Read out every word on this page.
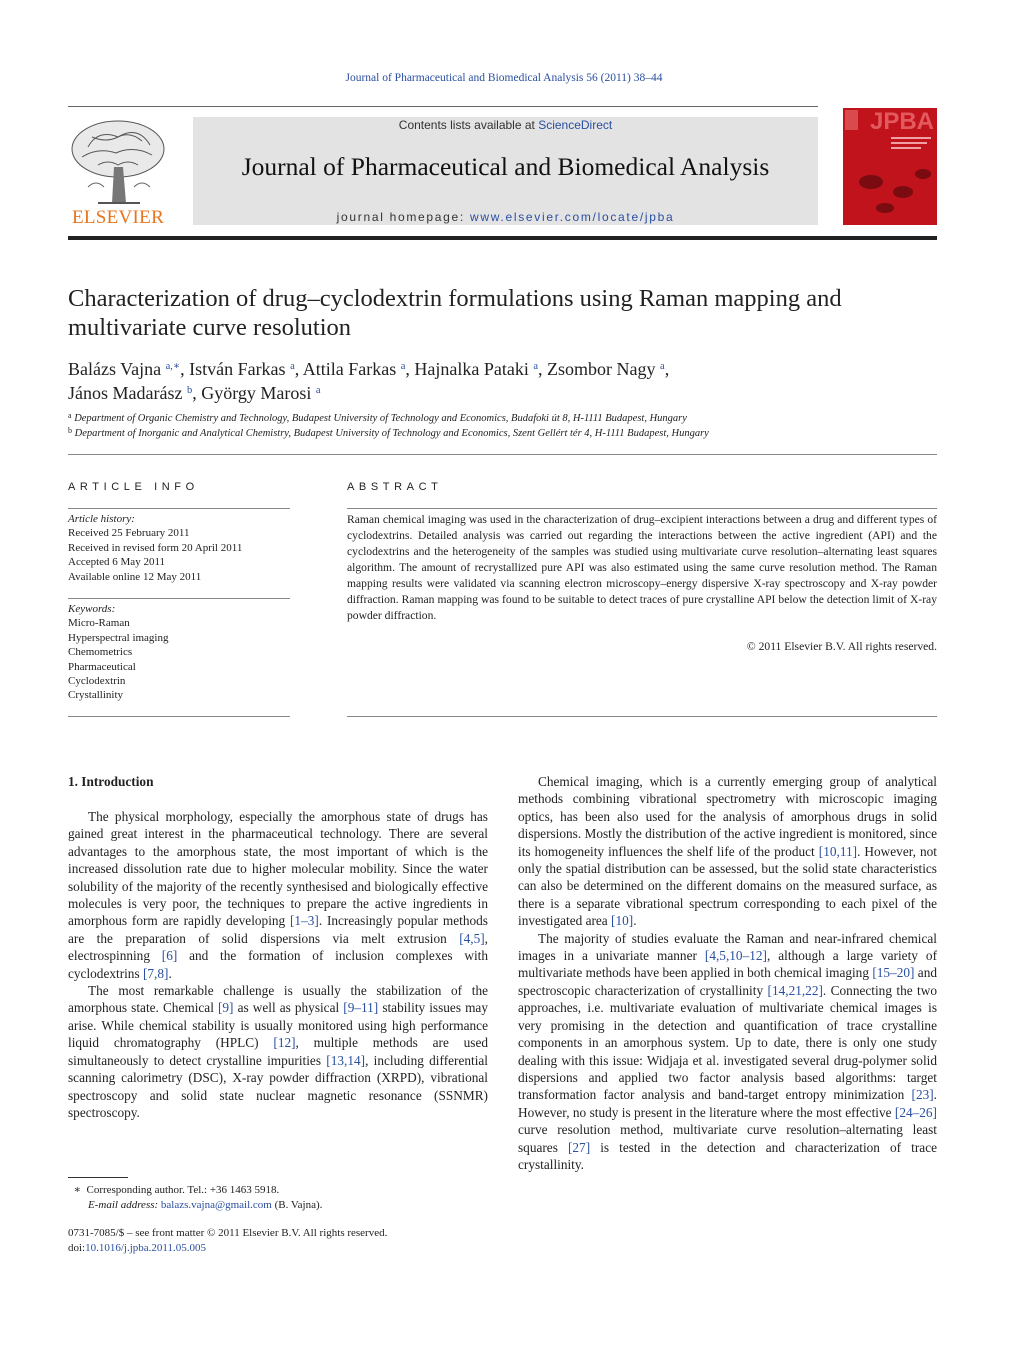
Journal of Pharmaceutical and Biomedical Analysis 56 (2011) 38–44
ELSEVIER
Contents lists available at ScienceDirect
Journal of Pharmaceutical and Biomedical Analysis
journal homepage: www.elsevier.com/locate/jpba
JPBA
Characterization of drug–cyclodextrin formulations using Raman mapping and multivariate curve resolution
Balázs Vajna $^{a,∗}$, István Farkas $^a$, Attila Farkas $^a$, Hajnalka Pataki $^a$, Zsombor Nagy $^a$,
János Madarász $^b$, György Marosi $^a$
$^a$ Department of Organic Chemistry and Technology, Budapest University of Technology and Economics, Budafoki út 8, H-1111 Budapest, Hungary
$^b$ Department of Inorganic and Analytical Chemistry, Budapest University of Technology and Economics, Szent Gellért tér 4, H-1111 Budapest, Hungary
ARTICLE INFO
Article history:
Received 25 February 2011
Received in revised form 20 April 2011
Accepted 6 May 2011
Available online 12 May 2011
Keywords:
Micro-Raman
Hyperspectral imaging
Chemometrics
Pharmaceutical
Cyclodextrin
Crystallinity
ABSTRACT
Raman chemical imaging was used in the characterization of drug–excipient interactions between a drug and different types of cyclodextrins. Detailed analysis was carried out regarding the interactions between the active ingredient (API) and the cyclodextrins and the heterogeneity of the samples was studied using multivariate curve resolution–alternating least squares algorithm. The amount of recrystallized pure API was also estimated using the same curve resolution method. The Raman mapping results were validated via scanning electron microscopy–energy dispersive X-ray spectroscopy and X-ray powder diffraction. Raman mapping was found to be suitable to detect traces of pure crystalline API below the detection limit of X-ray powder diffraction.
© 2011 Elsevier B.V. All rights reserved.
1. Introduction

The physical morphology, especially the amorphous state of drugs has gained great interest in the pharmaceutical technology. There are several advantages to the amorphous state, the most important of which is the increased dissolution rate due to higher molecular mobility. Since the water solubility of the majority of the recently synthesised and biologically effective molecules is very poor, the techniques to prepare the active ingredients in amorphous form are rapidly developing [1–3]. Increasingly popular methods are the preparation of solid dispersions via melt extrusion [4,5], electrospinning [6] and the formation of inclusion complexes with cyclodextrins [7,8].

The most remarkable challenge is usually the stabilization of the amorphous state. Chemical [9] as well as physical [9–11] stability issues may arise. While chemical stability is usually monitored using high performance liquid chromatography (HPLC) [12], multiple methods are used simultaneously to detect crystalline impurities [13,14], including differential scanning calorimetry (DSC), X-ray powder diffraction (XRPD), vibrational spectroscopy and solid state nuclear magnetic resonance (SSNMR) spectroscopy.

Chemical imaging, which is a currently emerging group of analytical methods combining vibrational spectrometry with microscopic imaging optics, has been also used for the analysis of amorphous drugs in solid dispersions. Mostly the distribution of the active ingredient is monitored, since its homogeneity influences the shelf life of the product [10,11]. However, not only the spatial distribution can be assessed, but the solid state characteristics can also be determined on the different domains on the measured surface, as there is a separate vibrational spectrum corresponding to each pixel of the investigated area [10].

The majority of studies evaluate the Raman and near-infrared chemical images in a univariate manner [4,5,10–12], although a large variety of multivariate methods have been applied in both chemical imaging [15–20] and spectroscopic characterization of crystallinity [14,21,22]. Connecting the two approaches, i.e. multivariate evaluation of multivariate chemical images is very promising in the detection and quantification of trace crystalline components in an amorphous system. Up to date, there is only one study dealing with this issue: Widjaja et al. investigated several drug-polymer solid dispersions and applied two factor analysis based algorithms: target transformation factor analysis and band-target entropy minimization [23]. However, no study is present in the literature where the most effective [24–26] curve resolution method, multivariate curve resolution–alternating least squares [27] is tested in the detection and characterization of trace crystallinity.

∗ Corresponding author. Tel.: +36 1463 5918.
E-mail address: balazs.vajna@gmail.com (B. Vajna).
0731-7085/$ – see front matter © 2011 Elsevier B.V. All rights reserved.
doi:10.1016/j.jpba.2011.05.005
